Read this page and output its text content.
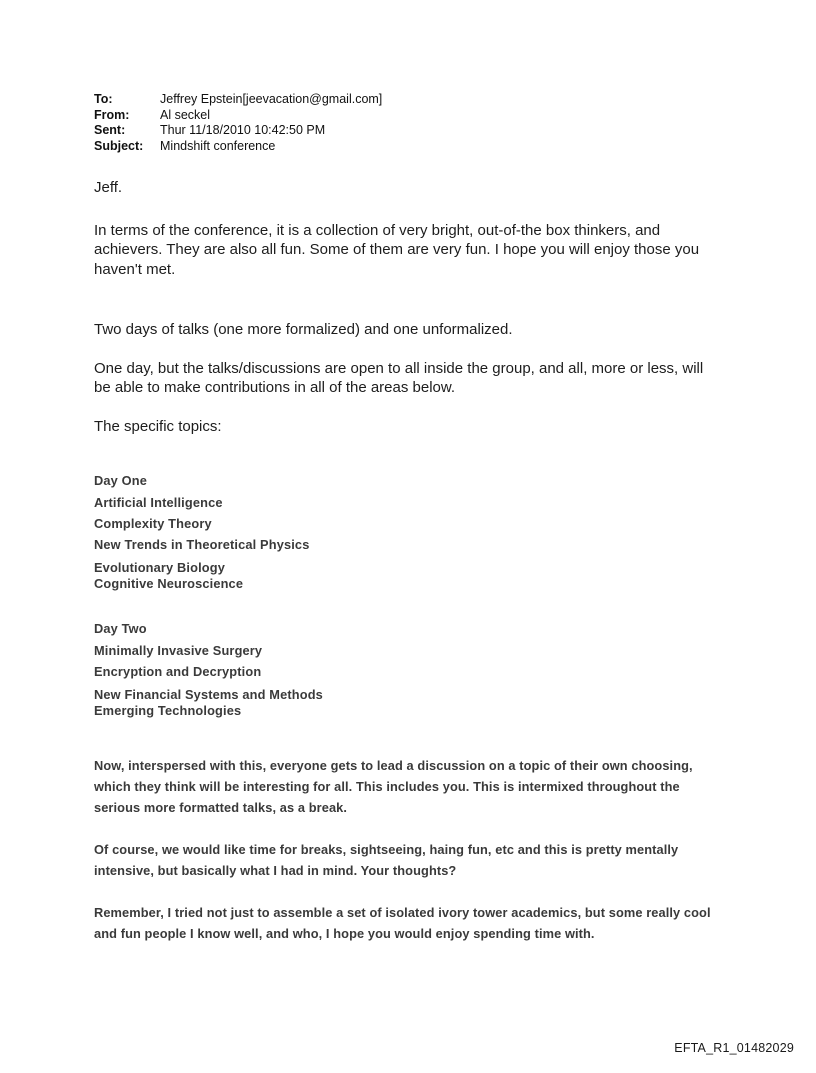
To:	Jeffrey Epstein[jeevacation@gmail.com]
From:	Al seckel
Sent:	Thur 11/18/2010 10:42:50 PM
Subject:	Mindshift conference

Jeff.

In terms of the conference, it is a collection of very bright, out-of-the box thinkers, and achievers. They are also all fun. Some of them are very fun. I hope you will enjoy those you haven't met.

Two days of talks (one more formalized) and one unformalized.

One day, but the talks/discussions are open to all inside the group, and all, more or less, will be able to make contributions in all of the areas below.

The specific topics:

Day One
Artificial Intelligence
Complexity Theory
New Trends in Theoretical Physics
Evolutionary Biology
Cognitive Neuroscience
Day Two
Minimally Invasive Surgery
Encryption and Decryption
New Financial Systems and Methods
Emerging Technologies

Now, interspersed with this, everyone gets to lead a discussion on a topic of their own choosing, which they think will be interesting for all. This includes you. This is intermixed throughout the serious more formatted talks, as a break.

Of course, we would like time for breaks, sightseeing, haing fun, etc and this is pretty mentally intensive, but basically what I had in mind. Your thoughts?

Remember, I tried not just to assemble a set of isolated ivory tower academics, but some really cool and fun people I know well, and who, I hope you would enjoy spending time with.

EFTA_R1_01482029
